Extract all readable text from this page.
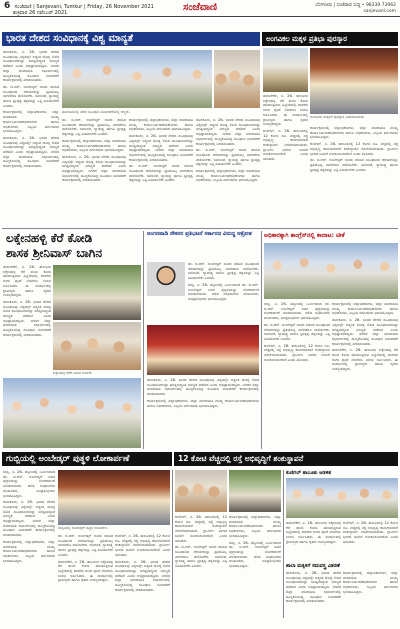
6 ಸಂಜೆವಾಣಿ | Sanjevani, Tumkur | Friday, 26 November 2021
ಶುಕ್ರವಾರ 26 ನವೆಂಬರ್ 2021	ಸಂಜೆವಾಣಿ	ಬೆಂಗಳೂರು | ಸಂಜೆವಾಣಿ ಸುದ್ದಿ • 98339 73962
sanjevani.com
ಭಾರತ ದೇಶದ ಸಂವಿಧಾನಕ್ಕೆ ವಿಶ್ವ ಮಾನ್ಯತೆ	ಅಂಗವಿಕಲ ಮಕ್ಕಳ ಪ್ರತಿಭಾ ಪುರಸ್ಕಾರ

ತುಮಕೂರು, ನ. 26- ಭಾರತ ದೇಶದ ಸಂವಿಧಾನವು ವಿಶ್ವದಲ್ಲೇ ಅತ್ಯಂತ ದೊಡ್ಡ ಲಿಖಿತ ಸಂವಿಧಾನವಾಗಿದ್ದು ಜಗತ್ತಿನಾದ್ಯಂತ ಮಾನ್ಯತೆ ಪಡೆದಿದೆ ಎಂದು ಅಭಿಪ್ರಾಯಪಟ್ಟರು. ನಗರದ ಜಿಲ್ಲಾ ಪಂಚಾಯಿತಿ ಸಭಾಂಗಣದಲ್ಲಿ ಹಮ್ಮಿಕೊಂಡಿದ್ದ ಸಂವಿಧಾನ ದಿನಾಚರಣೆ ಕಾರ್ಯಕ್ರಮದಲ್ಲಿ ಮಾತನಾಡಿದರು.

ಡಾ. ಬಿ.ಆರ್. ಅಂಬೇಡ್ಕರ್ ಅವರು ರಚಿಸಿದ ಸಂವಿಧಾನದ ಆಶಯಗಳನ್ನು ಪ್ರತಿಯೊಬ್ಬ ನಾಗರಿಕರೂ ಪಾಲಿಸಬೇಕು. ಸಮಾನತೆ, ಸ್ವಾತಂತ್ರ್ಯ ಹಾಗೂ ಭ್ರಾತೃತ್ವ ತತ್ವಗಳನ್ನು ಎತ್ತಿ ಹಿಡಿಯಬೇಕು ಎಂದರು.

ಕಾರ್ಯಕ್ರಮದಲ್ಲಿ ಜಿಲ್ಲಾಧಿಕಾರಿಗಳು, ಜಿಲ್ಲಾ ಪಂಚಾಯಿತಿ ಮುಖ್ಯ ಕಾರ್ಯನಿರ್ವಹಣಾಧಿಕಾರಿಗಳು ಹಾಗೂ ಅಧಿಕಾರಿಗಳು, ಸಿಬ್ಬಂದಿ ವರ್ಗದವರು ಭಾಗವಹಿಸಿದ್ದರು.

ತುಮಕೂರು, ನ. 26- ಭಾರತ ದೇಶದ ಸಂವಿಧಾನವು ವಿಶ್ವದಲ್ಲೇ ಅತ್ಯಂತ ದೊಡ್ಡ ಲಿಖಿತ ಸಂವಿಧಾನವಾಗಿದ್ದು ಜಗತ್ತಿನಾದ್ಯಂತ ಮಾನ್ಯತೆ ಪಡೆದಿದೆ ಎಂದು ಅಭಿಪ್ರಾಯಪಟ್ಟರು. ನಗರದ ಜಿಲ್ಲಾ ಪಂಚಾಯಿತಿ ಸಭಾಂಗಣದಲ್ಲಿ ಹಮ್ಮಿಕೊಂಡಿದ್ದ ಸಂವಿಧಾನ ದಿನಾಚರಣೆ ಕಾರ್ಯಕ್ರಮದಲ್ಲಿ ಮಾತನಾಡಿದರು.

ತುಮಕೂರಿನಲ್ಲಿ ನಡೆದ ಸಂವಿಧಾನ ದಿನಾಚರಣೆಯಲ್ಲಿ ಗಣ್ಯರು.

ಡಾ. ಬಿ.ಆರ್. ಅಂಬೇಡ್ಕರ್ ಅವರು ರಚಿಸಿದ ಸಂವಿಧಾನದ ಆಶಯಗಳನ್ನು ಪ್ರತಿಯೊಬ್ಬ ನಾಗರಿಕರೂ ಪಾಲಿಸಬೇಕು. ಸಮಾನತೆ, ಸ್ವಾತಂತ್ರ್ಯ ಹಾಗೂ ಭ್ರಾತೃತ್ವ ತತ್ವಗಳನ್ನು ಎತ್ತಿ ಹಿಡಿಯಬೇಕು ಎಂದರು.

ಕಾರ್ಯಕ್ರಮದಲ್ಲಿ ಜಿಲ್ಲಾಧಿಕಾರಿಗಳು, ಜಿಲ್ಲಾ ಪಂಚಾಯಿತಿ ಮುಖ್ಯ ಕಾರ್ಯನಿರ್ವಹಣಾಧಿಕಾರಿಗಳು ಹಾಗೂ ಅಧಿಕಾರಿಗಳು, ಸಿಬ್ಬಂದಿ ವರ್ಗದವರು ಭಾಗವಹಿಸಿದ್ದರು.

ತುಮಕೂರು, ನ. 26- ಭಾರತ ದೇಶದ ಸಂವಿಧಾನವು ವಿಶ್ವದಲ್ಲೇ ಅತ್ಯಂತ ದೊಡ್ಡ ಲಿಖಿತ ಸಂವಿಧಾನವಾಗಿದ್ದು ಜಗತ್ತಿನಾದ್ಯಂತ ಮಾನ್ಯತೆ ಪಡೆದಿದೆ ಎಂದು ಅಭಿಪ್ರಾಯಪಟ್ಟರು. ನಗರದ ಜಿಲ್ಲಾ ಪಂಚಾಯಿತಿ ಸಭಾಂಗಣದಲ್ಲಿ ಹಮ್ಮಿಕೊಂಡಿದ್ದ ಸಂವಿಧಾನ ದಿನಾಚರಣೆ ಕಾರ್ಯಕ್ರಮದಲ್ಲಿ ಮಾತನಾಡಿದರು.

ಕಾರ್ಯಕ್ರಮದಲ್ಲಿ ಜಿಲ್ಲಾಧಿಕಾರಿಗಳು, ಜಿಲ್ಲಾ ಪಂಚಾಯಿತಿ ಮುಖ್ಯ ಕಾರ್ಯನಿರ್ವಹಣಾಧಿಕಾರಿಗಳು ಹಾಗೂ ಅಧಿಕಾರಿಗಳು, ಸಿಬ್ಬಂದಿ ವರ್ಗದವರು ಭಾಗವಹಿಸಿದ್ದರು.

ತುಮಕೂರು, ನ. 26- ಭಾರತ ದೇಶದ ಸಂವಿಧಾನವು ವಿಶ್ವದಲ್ಲೇ ಅತ್ಯಂತ ದೊಡ್ಡ ಲಿಖಿತ ಸಂವಿಧಾನವಾಗಿದ್ದು ಜಗತ್ತಿನಾದ್ಯಂತ ಮಾನ್ಯತೆ ಪಡೆದಿದೆ ಎಂದು ಅಭಿಪ್ರಾಯಪಟ್ಟರು. ನಗರದ ಜಿಲ್ಲಾ ಪಂಚಾಯಿತಿ ಸಭಾಂಗಣದಲ್ಲಿ ಹಮ್ಮಿಕೊಂಡಿದ್ದ ಸಂವಿಧಾನ ದಿನಾಚರಣೆ ಕಾರ್ಯಕ್ರಮದಲ್ಲಿ ಮಾತನಾಡಿದರು.

ಡಾ. ಬಿ.ಆರ್. ಅಂಬೇಡ್ಕರ್ ಅವರು ರಚಿಸಿದ ಸಂವಿಧಾನದ ಆಶಯಗಳನ್ನು ಪ್ರತಿಯೊಬ್ಬ ನಾಗರಿಕರೂ ಪಾಲಿಸಬೇಕು. ಸಮಾನತೆ, ಸ್ವಾತಂತ್ರ್ಯ ಹಾಗೂ ಭ್ರಾತೃತ್ವ ತತ್ವಗಳನ್ನು ಎತ್ತಿ ಹಿಡಿಯಬೇಕು ಎಂದರು.

ತುಮಕೂರು, ನ. 26- ಭಾರತ ದೇಶದ ಸಂವಿಧಾನವು ವಿಶ್ವದಲ್ಲೇ ಅತ್ಯಂತ ದೊಡ್ಡ ಲಿಖಿತ ಸಂವಿಧಾನವಾಗಿದ್ದು ಜಗತ್ತಿನಾದ್ಯಂತ ಮಾನ್ಯತೆ ಪಡೆದಿದೆ ಎಂದು ಅಭಿಪ್ರಾಯಪಟ್ಟರು. ನಗರದ ಜಿಲ್ಲಾ ಪಂಚಾಯಿತಿ ಸಭಾಂಗಣದಲ್ಲಿ ಹಮ್ಮಿಕೊಂಡಿದ್ದ ಸಂವಿಧಾನ ದಿನಾಚರಣೆ ಕಾರ್ಯಕ್ರಮದಲ್ಲಿ ಮಾತನಾಡಿದರು.

ಡಾ. ಬಿ.ಆರ್. ಅಂಬೇಡ್ಕರ್ ಅವರು ರಚಿಸಿದ ಸಂವಿಧಾನದ ಆಶಯಗಳನ್ನು ಪ್ರತಿಯೊಬ್ಬ ನಾಗರಿಕರೂ ಪಾಲಿಸಬೇಕು. ಸಮಾನತೆ, ಸ್ವಾತಂತ್ರ್ಯ ಹಾಗೂ ಭ್ರಾತೃತ್ವ ತತ್ವಗಳನ್ನು ಎತ್ತಿ ಹಿಡಿಯಬೇಕು ಎಂದರು.

ಕಾರ್ಯಕ್ರಮದಲ್ಲಿ ಜಿಲ್ಲಾಧಿಕಾರಿಗಳು, ಜಿಲ್ಲಾ ಪಂಚಾಯಿತಿ ಮುಖ್ಯ ಕಾರ್ಯನಿರ್ವಹಣಾಧಿಕಾರಿಗಳು ಹಾಗೂ ಅಧಿಕಾರಿಗಳು, ಸಿಬ್ಬಂದಿ ವರ್ಗದವರು ಭಾಗವಹಿಸಿದ್ದರು.

ಅಂಗವಿಕಲ ಮಕ್ಕಳಿಗೆ ಪುರಸ್ಕಾರ ವಿತರಿಸಲಾಯಿತು.

ತುರುವೇಕೆರೆ, ನ. 26- ತಾಲೂಕಿನ ಲಕ್ಕೇನಹಳ್ಳಿ ಕೆರೆ ತುಂಬಿ ಕೋಡಿ ಹರಿಯುತ್ತಿರುವ ಹಿನ್ನೆಲೆಯಲ್ಲಿ ಶಾಸಕರು ಗಂಗಾ ಪೂಜೆ ನೆರವೇರಿಸಿ ಬಾಗಿನ ಅರ್ಪಿಸಿದರು. ಈ ಸಂದರ್ಭದಲ್ಲಿ ಗ್ರಾಮಸ್ಥರು ಹಾಗೂ ರೈತರು ಉಪಸ್ಥಿತರಿದ್ದರು.

ಕುಣಿಗಲ್, ನ. 26- ತಾಲೂಕಿನಲ್ಲಿ 12 ಕೋಟಿ ರೂ. ವೆಚ್ಚದಲ್ಲಿ ರಸ್ತೆ ಅಭಿವೃದ್ಧಿ ಕಾಮಗಾರಿಗಳಿಗೆ ಶಂಕುಸ್ಥಾಪನೆ ನೆರವೇರಿಸಲಾಯಿತು. ಗ್ರಾಮೀಣ ಭಾಗದ ಜನರಿಗೆ ಅನುಕೂಲವಾಗಲಿದೆ ಎಂದು ತಿಳಿಸಿದರು.

ಕಾರ್ಯಕ್ರಮದಲ್ಲಿ ಜಿಲ್ಲಾಧಿಕಾರಿಗಳು, ಜಿಲ್ಲಾ ಪಂಚಾಯಿತಿ ಮುಖ್ಯ ಕಾರ್ಯನಿರ್ವಹಣಾಧಿಕಾರಿಗಳು ಹಾಗೂ ಅಧಿಕಾರಿಗಳು, ಸಿಬ್ಬಂದಿ ವರ್ಗದವರು ಭಾಗವಹಿಸಿದ್ದರು.

ಕುಣಿಗಲ್, ನ. 26- ತಾಲೂಕಿನಲ್ಲಿ 12 ಕೋಟಿ ರೂ. ವೆಚ್ಚದಲ್ಲಿ ರಸ್ತೆ ಅಭಿವೃದ್ಧಿ ಕಾಮಗಾರಿಗಳಿಗೆ ಶಂಕುಸ್ಥಾಪನೆ ನೆರವೇರಿಸಲಾಯಿತು. ಗ್ರಾಮೀಣ ಭಾಗದ ಜನರಿಗೆ ಅನುಕೂಲವಾಗಲಿದೆ ಎಂದು ತಿಳಿಸಿದರು.

ಡಾ. ಬಿ.ಆರ್. ಅಂಬೇಡ್ಕರ್ ಅವರು ರಚಿಸಿದ ಸಂವಿಧಾನದ ಆಶಯಗಳನ್ನು ಪ್ರತಿಯೊಬ್ಬ ನಾಗರಿಕರೂ ಪಾಲಿಸಬೇಕು. ಸಮಾನತೆ, ಸ್ವಾತಂತ್ರ್ಯ ಹಾಗೂ ಭ್ರಾತೃತ್ವ ತತ್ವಗಳನ್ನು ಎತ್ತಿ ಹಿಡಿಯಬೇಕು ಎಂದರು.

ಲಕ್ಕೇನಹಳ್ಳಿ ಕೆರೆ ಕೋಡಿ
ಶಾಸಕ ಶ್ರೀನಿವಾಸ್ ಬಾಗಿನ

ತುರುವೇಕೆರೆ, ನ. 26- ತಾಲೂಕಿನ ಲಕ್ಕೇನಹಳ್ಳಿ ಕೆರೆ ತುಂಬಿ ಕೋಡಿ ಹರಿಯುತ್ತಿರುವ ಹಿನ್ನೆಲೆಯಲ್ಲಿ ಶಾಸಕರು ಗಂಗಾ ಪೂಜೆ ನೆರವೇರಿಸಿ ಬಾಗಿನ ಅರ್ಪಿಸಿದರು. ಈ ಸಂದರ್ಭದಲ್ಲಿ ಗ್ರಾಮಸ್ಥರು ಹಾಗೂ ರೈತರು ಉಪಸ್ಥಿತರಿದ್ದರು.

ತುಮಕೂರು, ನ. 26- ಭಾರತ ದೇಶದ ಸಂವಿಧಾನವು ವಿಶ್ವದಲ್ಲೇ ಅತ್ಯಂತ ದೊಡ್ಡ ಲಿಖಿತ ಸಂವಿಧಾನವಾಗಿದ್ದು ಜಗತ್ತಿನಾದ್ಯಂತ ಮಾನ್ಯತೆ ಪಡೆದಿದೆ ಎಂದು ಅಭಿಪ್ರಾಯಪಟ್ಟರು. ನಗರದ ಜಿಲ್ಲಾ ಪಂಚಾಯಿತಿ ಸಭಾಂಗಣದಲ್ಲಿ ಹಮ್ಮಿಕೊಂಡಿದ್ದ ಸಂವಿಧಾನ ದಿನಾಚರಣೆ ಕಾರ್ಯಕ್ರಮದಲ್ಲಿ ಮಾತನಾಡಿದರು.

ಲಕ್ಕೇನಹಳ್ಳಿ ಕೆರೆಗೆ ಬಾಗಿನ ಅರ್ಪಣೆ.
ಅಂಗನವಾಡಿ ನೌಕರರ ಪ್ರತಿಭಟನೆ ಸರ್ಕಾರದ ವಿರುದ್ಧ ಆಕ್ರೋಶ

ಡಾ. ಬಿ.ಆರ್. ಅಂಬೇಡ್ಕರ್ ಅವರು ರಚಿಸಿದ ಸಂವಿಧಾನದ ಆಶಯಗಳನ್ನು ಪ್ರತಿಯೊಬ್ಬ ನಾಗರಿಕರೂ ಪಾಲಿಸಬೇಕು. ಸಮಾನತೆ, ಸ್ವಾತಂತ್ರ್ಯ ಹಾಗೂ ಭ್ರಾತೃತ್ವ ತತ್ವಗಳನ್ನು ಎತ್ತಿ ಹಿಡಿಯಬೇಕು ಎಂದರು.

ಗುಬ್ಬಿ, ನ. 26- ಪಟ್ಟಣದಲ್ಲಿ ನಿರ್ಮಿಸಲಾದ ಡಾ. ಬಿ.ಆರ್. ಅಂಬೇಡ್ಕರ್ ಅವರ ಪುತ್ಥಳಿಯನ್ನು ಲೋಕಾರ್ಪಣೆ ಮಾಡಲಾಯಿತು. ದಲಿತ ಸಂಘಟನೆಗಳ ಮುಖಂಡರು, ಜನಪ್ರತಿನಿಧಿಗಳು ಭಾಗವಹಿಸಿದ್ದರು.

ತುಮಕೂರು, ನ. 26- ಭಾರತ ದೇಶದ ಸಂವಿಧಾನವು ವಿಶ್ವದಲ್ಲೇ ಅತ್ಯಂತ ದೊಡ್ಡ ಲಿಖಿತ ಸಂವಿಧಾನವಾಗಿದ್ದು ಜಗತ್ತಿನಾದ್ಯಂತ ಮಾನ್ಯತೆ ಪಡೆದಿದೆ ಎಂದು ಅಭಿಪ್ರಾಯಪಟ್ಟರು. ನಗರದ ಜಿಲ್ಲಾ ಪಂಚಾಯಿತಿ ಸಭಾಂಗಣದಲ್ಲಿ ಹಮ್ಮಿಕೊಂಡಿದ್ದ ಸಂವಿಧಾನ ದಿನಾಚರಣೆ ಕಾರ್ಯಕ್ರಮದಲ್ಲಿ ಮಾತನಾಡಿದರು.

ಕಾರ್ಯಕ್ರಮದಲ್ಲಿ ಜಿಲ್ಲಾಧಿಕಾರಿಗಳು, ಜಿಲ್ಲಾ ಪಂಚಾಯಿತಿ ಮುಖ್ಯ ಕಾರ್ಯನಿರ್ವಹಣಾಧಿಕಾರಿಗಳು ಹಾಗೂ ಅಧಿಕಾರಿಗಳು, ಸಿಬ್ಬಂದಿ ವರ್ಗದವರು ಭಾಗವಹಿಸಿದ್ದರು.

ಅಧಿಕಾರಕ್ಕಾಗಿ ಕಾಂಗ್ರೆಸ್‌ನಲ್ಲಿ ಕಾದಾಟ: ಟೀಕೆ

ಗುಬ್ಬಿ, ನ. 26- ಪಟ್ಟಣದಲ್ಲಿ ನಿರ್ಮಿಸಲಾದ ಡಾ. ಬಿ.ಆರ್. ಅಂಬೇಡ್ಕರ್ ಅವರ ಪುತ್ಥಳಿಯನ್ನು ಲೋಕಾರ್ಪಣೆ ಮಾಡಲಾಯಿತು. ದಲಿತ ಸಂಘಟನೆಗಳ ಮುಖಂಡರು, ಜನಪ್ರತಿನಿಧಿಗಳು ಭಾಗವಹಿಸಿದ್ದರು.

ಡಾ. ಬಿ.ಆರ್. ಅಂಬೇಡ್ಕರ್ ಅವರು ರಚಿಸಿದ ಸಂವಿಧಾನದ ಆಶಯಗಳನ್ನು ಪ್ರತಿಯೊಬ್ಬ ನಾಗರಿಕರೂ ಪಾಲಿಸಬೇಕು. ಸಮಾನತೆ, ಸ್ವಾತಂತ್ರ್ಯ ಹಾಗೂ ಭ್ರಾತೃತ್ವ ತತ್ವಗಳನ್ನು ಎತ್ತಿ ಹಿಡಿಯಬೇಕು ಎಂದರು.

ಕುಣಿಗಲ್, ನ. 26- ತಾಲೂಕಿನಲ್ಲಿ 12 ಕೋಟಿ ರೂ. ವೆಚ್ಚದಲ್ಲಿ ರಸ್ತೆ ಅಭಿವೃದ್ಧಿ ಕಾಮಗಾರಿಗಳಿಗೆ ಶಂಕುಸ್ಥಾಪನೆ ನೆರವೇರಿಸಲಾಯಿತು. ಗ್ರಾಮೀಣ ಭಾಗದ ಜನರಿಗೆ ಅನುಕೂಲವಾಗಲಿದೆ ಎಂದು ತಿಳಿಸಿದರು.

ಕಾರ್ಯಕ್ರಮದಲ್ಲಿ ಜಿಲ್ಲಾಧಿಕಾರಿಗಳು, ಜಿಲ್ಲಾ ಪಂಚಾಯಿತಿ ಮುಖ್ಯ ಕಾರ್ಯನಿರ್ವಹಣಾಧಿಕಾರಿಗಳು ಹಾಗೂ ಅಧಿಕಾರಿಗಳು, ಸಿಬ್ಬಂದಿ ವರ್ಗದವರು ಭಾಗವಹಿಸಿದ್ದರು.

ತುಮಕೂರು, ನ. 26- ಭಾರತ ದೇಶದ ಸಂವಿಧಾನವು ವಿಶ್ವದಲ್ಲೇ ಅತ್ಯಂತ ದೊಡ್ಡ ಲಿಖಿತ ಸಂವಿಧಾನವಾಗಿದ್ದು ಜಗತ್ತಿನಾದ್ಯಂತ ಮಾನ್ಯತೆ ಪಡೆದಿದೆ ಎಂದು ಅಭಿಪ್ರಾಯಪಟ್ಟರು. ನಗರದ ಜಿಲ್ಲಾ ಪಂಚಾಯಿತಿ ಸಭಾಂಗಣದಲ್ಲಿ ಹಮ್ಮಿಕೊಂಡಿದ್ದ ಸಂವಿಧಾನ ದಿನಾಚರಣೆ ಕಾರ್ಯಕ್ರಮದಲ್ಲಿ ಮಾತನಾಡಿದರು.

ತುರುವೇಕೆರೆ, ನ. 26- ತಾಲೂಕಿನ ಲಕ್ಕೇನಹಳ್ಳಿ ಕೆರೆ ತುಂಬಿ ಕೋಡಿ ಹರಿಯುತ್ತಿರುವ ಹಿನ್ನೆಲೆಯಲ್ಲಿ ಶಾಸಕರು ಗಂಗಾ ಪೂಜೆ ನೆರವೇರಿಸಿ ಬಾಗಿನ ಅರ್ಪಿಸಿದರು. ಈ ಸಂದರ್ಭದಲ್ಲಿ ಗ್ರಾಮಸ್ಥರು ಹಾಗೂ ರೈತರು ಉಪಸ್ಥಿತರಿದ್ದರು.

ಗುಬ್ಬಿಯಲ್ಲಿ ಅಂಬೇಡ್ಕರ್ ಪುತ್ಥಳಿ ಲೋಕಾರ್ಪಣೆ	12 ಕೋಟಿ ವೆಚ್ಚದಲ್ಲಿ ರಸ್ತೆ ಅಭಿವೃದ್ಧಿಗೆ ಶಂಕುಸ್ಥಾಪನೆ

ಗುಬ್ಬಿ, ನ. 26- ಪಟ್ಟಣದಲ್ಲಿ ನಿರ್ಮಿಸಲಾದ ಡಾ. ಬಿ.ಆರ್. ಅಂಬೇಡ್ಕರ್ ಅವರ ಪುತ್ಥಳಿಯನ್ನು ಲೋಕಾರ್ಪಣೆ ಮಾಡಲಾಯಿತು. ದಲಿತ ಸಂಘಟನೆಗಳ ಮುಖಂಡರು, ಜನಪ್ರತಿನಿಧಿಗಳು ಭಾಗವಹಿಸಿದ್ದರು.

ತುಮಕೂರು, ನ. 26- ಭಾರತ ದೇಶದ ಸಂವಿಧಾನವು ವಿಶ್ವದಲ್ಲೇ ಅತ್ಯಂತ ದೊಡ್ಡ ಲಿಖಿತ ಸಂವಿಧಾನವಾಗಿದ್ದು ಜಗತ್ತಿನಾದ್ಯಂತ ಮಾನ್ಯತೆ ಪಡೆದಿದೆ ಎಂದು ಅಭಿಪ್ರಾಯಪಟ್ಟರು. ನಗರದ ಜಿಲ್ಲಾ ಪಂಚಾಯಿತಿ ಸಭಾಂಗಣದಲ್ಲಿ ಹಮ್ಮಿಕೊಂಡಿದ್ದ ಸಂವಿಧಾನ ದಿನಾಚರಣೆ ಕಾರ್ಯಕ್ರಮದಲ್ಲಿ ಮಾತನಾಡಿದರು.

ಕಾರ್ಯಕ್ರಮದಲ್ಲಿ ಜಿಲ್ಲಾಧಿಕಾರಿಗಳು, ಜಿಲ್ಲಾ ಪಂಚಾಯಿತಿ ಮುಖ್ಯ ಕಾರ್ಯನಿರ್ವಹಣಾಧಿಕಾರಿಗಳು ಹಾಗೂ ಅಧಿಕಾರಿಗಳು, ಸಿಬ್ಬಂದಿ ವರ್ಗದವರು ಭಾಗವಹಿಸಿದ್ದರು.

ಗುಬ್ಬಿಯಲ್ಲಿ ಅಂಬೇಡ್ಕರ್ ಪುತ್ಥಳಿ ಅನಾವರಣ.

ಡಾ. ಬಿ.ಆರ್. ಅಂಬೇಡ್ಕರ್ ಅವರು ರಚಿಸಿದ ಸಂವಿಧಾನದ ಆಶಯಗಳನ್ನು ಪ್ರತಿಯೊಬ್ಬ ನಾಗರಿಕರೂ ಪಾಲಿಸಬೇಕು. ಸಮಾನತೆ, ಸ್ವಾತಂತ್ರ್ಯ ಹಾಗೂ ಭ್ರಾತೃತ್ವ ತತ್ವಗಳನ್ನು ಎತ್ತಿ ಹಿಡಿಯಬೇಕು ಎಂದರು.

ತುರುವೇಕೆರೆ, ನ. 26- ತಾಲೂಕಿನ ಲಕ್ಕೇನಹಳ್ಳಿ ಕೆರೆ ತುಂಬಿ ಕೋಡಿ ಹರಿಯುತ್ತಿರುವ ಹಿನ್ನೆಲೆಯಲ್ಲಿ ಶಾಸಕರು ಗಂಗಾ ಪೂಜೆ ನೆರವೇರಿಸಿ ಬಾಗಿನ ಅರ್ಪಿಸಿದರು. ಈ ಸಂದರ್ಭದಲ್ಲಿ ಗ್ರಾಮಸ್ಥರು ಹಾಗೂ ರೈತರು ಉಪಸ್ಥಿತರಿದ್ದರು.

ಕುಣಿಗಲ್, ನ. 26- ತಾಲೂಕಿನಲ್ಲಿ 12 ಕೋಟಿ ರೂ. ವೆಚ್ಚದಲ್ಲಿ ರಸ್ತೆ ಅಭಿವೃದ್ಧಿ ಕಾಮಗಾರಿಗಳಿಗೆ ಶಂಕುಸ್ಥಾಪನೆ ನೆರವೇರಿಸಲಾಯಿತು. ಗ್ರಾಮೀಣ ಭಾಗದ ಜನರಿಗೆ ಅನುಕೂಲವಾಗಲಿದೆ ಎಂದು ತಿಳಿಸಿದರು.

ತುಮಕೂರು, ನ. 26- ಭಾರತ ದೇಶದ ಸಂವಿಧಾನವು ವಿಶ್ವದಲ್ಲೇ ಅತ್ಯಂತ ದೊಡ್ಡ ಲಿಖಿತ ಸಂವಿಧಾನವಾಗಿದ್ದು ಜಗತ್ತಿನಾದ್ಯಂತ ಮಾನ್ಯತೆ ಪಡೆದಿದೆ ಎಂದು ಅಭಿಪ್ರಾಯಪಟ್ಟರು. ನಗರದ ಜಿಲ್ಲಾ ಪಂಚಾಯಿತಿ ಸಭಾಂಗಣದಲ್ಲಿ ಹಮ್ಮಿಕೊಂಡಿದ್ದ ಸಂವಿಧಾನ ದಿನಾಚರಣೆ ಕಾರ್ಯಕ್ರಮದಲ್ಲಿ ಮಾತನಾಡಿದರು.

ಕುಣಿಗಲ್, ನ. 26- ತಾಲೂಕಿನಲ್ಲಿ 12 ಕೋಟಿ ರೂ. ವೆಚ್ಚದಲ್ಲಿ ರಸ್ತೆ ಅಭಿವೃದ್ಧಿ ಕಾಮಗಾರಿಗಳಿಗೆ ಶಂಕುಸ್ಥಾಪನೆ ನೆರವೇರಿಸಲಾಯಿತು. ಗ್ರಾಮೀಣ ಭಾಗದ ಜನರಿಗೆ ಅನುಕೂಲವಾಗಲಿದೆ ಎಂದು ತಿಳಿಸಿದರು.

ಡಾ. ಬಿ.ಆರ್. ಅಂಬೇಡ್ಕರ್ ಅವರು ರಚಿಸಿದ ಸಂವಿಧಾನದ ಆಶಯಗಳನ್ನು ಪ್ರತಿಯೊಬ್ಬ ನಾಗರಿಕರೂ ಪಾಲಿಸಬೇಕು. ಸಮಾನತೆ, ಸ್ವಾತಂತ್ರ್ಯ ಹಾಗೂ ಭ್ರಾತೃತ್ವ ತತ್ವಗಳನ್ನು ಎತ್ತಿ ಹಿಡಿಯಬೇಕು ಎಂದರು.

ಕಾರ್ಯಕ್ರಮದಲ್ಲಿ ಜಿಲ್ಲಾಧಿಕಾರಿಗಳು, ಜಿಲ್ಲಾ ಪಂಚಾಯಿತಿ ಮುಖ್ಯ ಕಾರ್ಯನಿರ್ವಹಣಾಧಿಕಾರಿಗಳು ಹಾಗೂ ಅಧಿಕಾರಿಗಳು, ಸಿಬ್ಬಂದಿ ವರ್ಗದವರು ಭಾಗವಹಿಸಿದ್ದರು.

ಗುಬ್ಬಿ, ನ. 26- ಪಟ್ಟಣದಲ್ಲಿ ನಿರ್ಮಿಸಲಾದ ಡಾ. ಬಿ.ಆರ್. ಅಂಬೇಡ್ಕರ್ ಅವರ ಪುತ್ಥಳಿಯನ್ನು ಲೋಕಾರ್ಪಣೆ ಮಾಡಲಾಯಿತು. ದಲಿತ ಸಂಘಟನೆಗಳ ಮುಖಂಡರು, ಜನಪ್ರತಿನಿಧಿಗಳು ಭಾಗವಹಿಸಿದ್ದರು.

ಕುಣಿಗಲ್ ತಾಲೂಕು ಆಡಳಿತ

ತುರುವೇಕೆರೆ, ನ. 26- ತಾಲೂಕಿನ ಲಕ್ಕೇನಹಳ್ಳಿ ಕೆರೆ ತುಂಬಿ ಕೋಡಿ ಹರಿಯುತ್ತಿರುವ ಹಿನ್ನೆಲೆಯಲ್ಲಿ ಶಾಸಕರು ಗಂಗಾ ಪೂಜೆ ನೆರವೇರಿಸಿ ಬಾಗಿನ ಅರ್ಪಿಸಿದರು. ಈ ಸಂದರ್ಭದಲ್ಲಿ ಗ್ರಾಮಸ್ಥರು ಹಾಗೂ ರೈತರು ಉಪಸ್ಥಿತರಿದ್ದರು.

ಕುಣಿಗಲ್, ನ. 26- ತಾಲೂಕಿನಲ್ಲಿ 12 ಕೋಟಿ ರೂ. ವೆಚ್ಚದಲ್ಲಿ ರಸ್ತೆ ಅಭಿವೃದ್ಧಿ ಕಾಮಗಾರಿಗಳಿಗೆ ಶಂಕುಸ್ಥಾಪನೆ ನೆರವೇರಿಸಲಾಯಿತು. ಗ್ರಾಮೀಣ ಭಾಗದ ಜನರಿಗೆ ಅನುಕೂಲವಾಗಲಿದೆ ಎಂದು ತಿಳಿಸಿದರು.

ಶಾಲಾ ಮಕ್ಕಳಿಗೆ ಸಮವಸ್ತ್ರ ವಿತರಣೆ

ತುಮಕೂರು, ನ. 26- ಭಾರತ ದೇಶದ ಸಂವಿಧಾನವು ವಿಶ್ವದಲ್ಲೇ ಅತ್ಯಂತ ದೊಡ್ಡ ಲಿಖಿತ ಸಂವಿಧಾನವಾಗಿದ್ದು ಜಗತ್ತಿನಾದ್ಯಂತ ಮಾನ್ಯತೆ ಪಡೆದಿದೆ ಎಂದು ಅಭಿಪ್ರಾಯಪಟ್ಟರು. ನಗರದ ಜಿಲ್ಲಾ ಪಂಚಾಯಿತಿ ಸಭಾಂಗಣದಲ್ಲಿ ಹಮ್ಮಿಕೊಂಡಿದ್ದ ಸಂವಿಧಾನ ದಿನಾಚರಣೆ ಕಾರ್ಯಕ್ರಮದಲ್ಲಿ ಮಾತನಾಡಿದರು.

ಕಾರ್ಯಕ್ರಮದಲ್ಲಿ ಜಿಲ್ಲಾಧಿಕಾರಿಗಳು, ಜಿಲ್ಲಾ ಪಂಚಾಯಿತಿ ಮುಖ್ಯ ಕಾರ್ಯನಿರ್ವಹಣಾಧಿಕಾರಿಗಳು ಹಾಗೂ ಅಧಿಕಾರಿಗಳು, ಸಿಬ್ಬಂದಿ ವರ್ಗದವರು ಭಾಗವಹಿಸಿದ್ದರು.
